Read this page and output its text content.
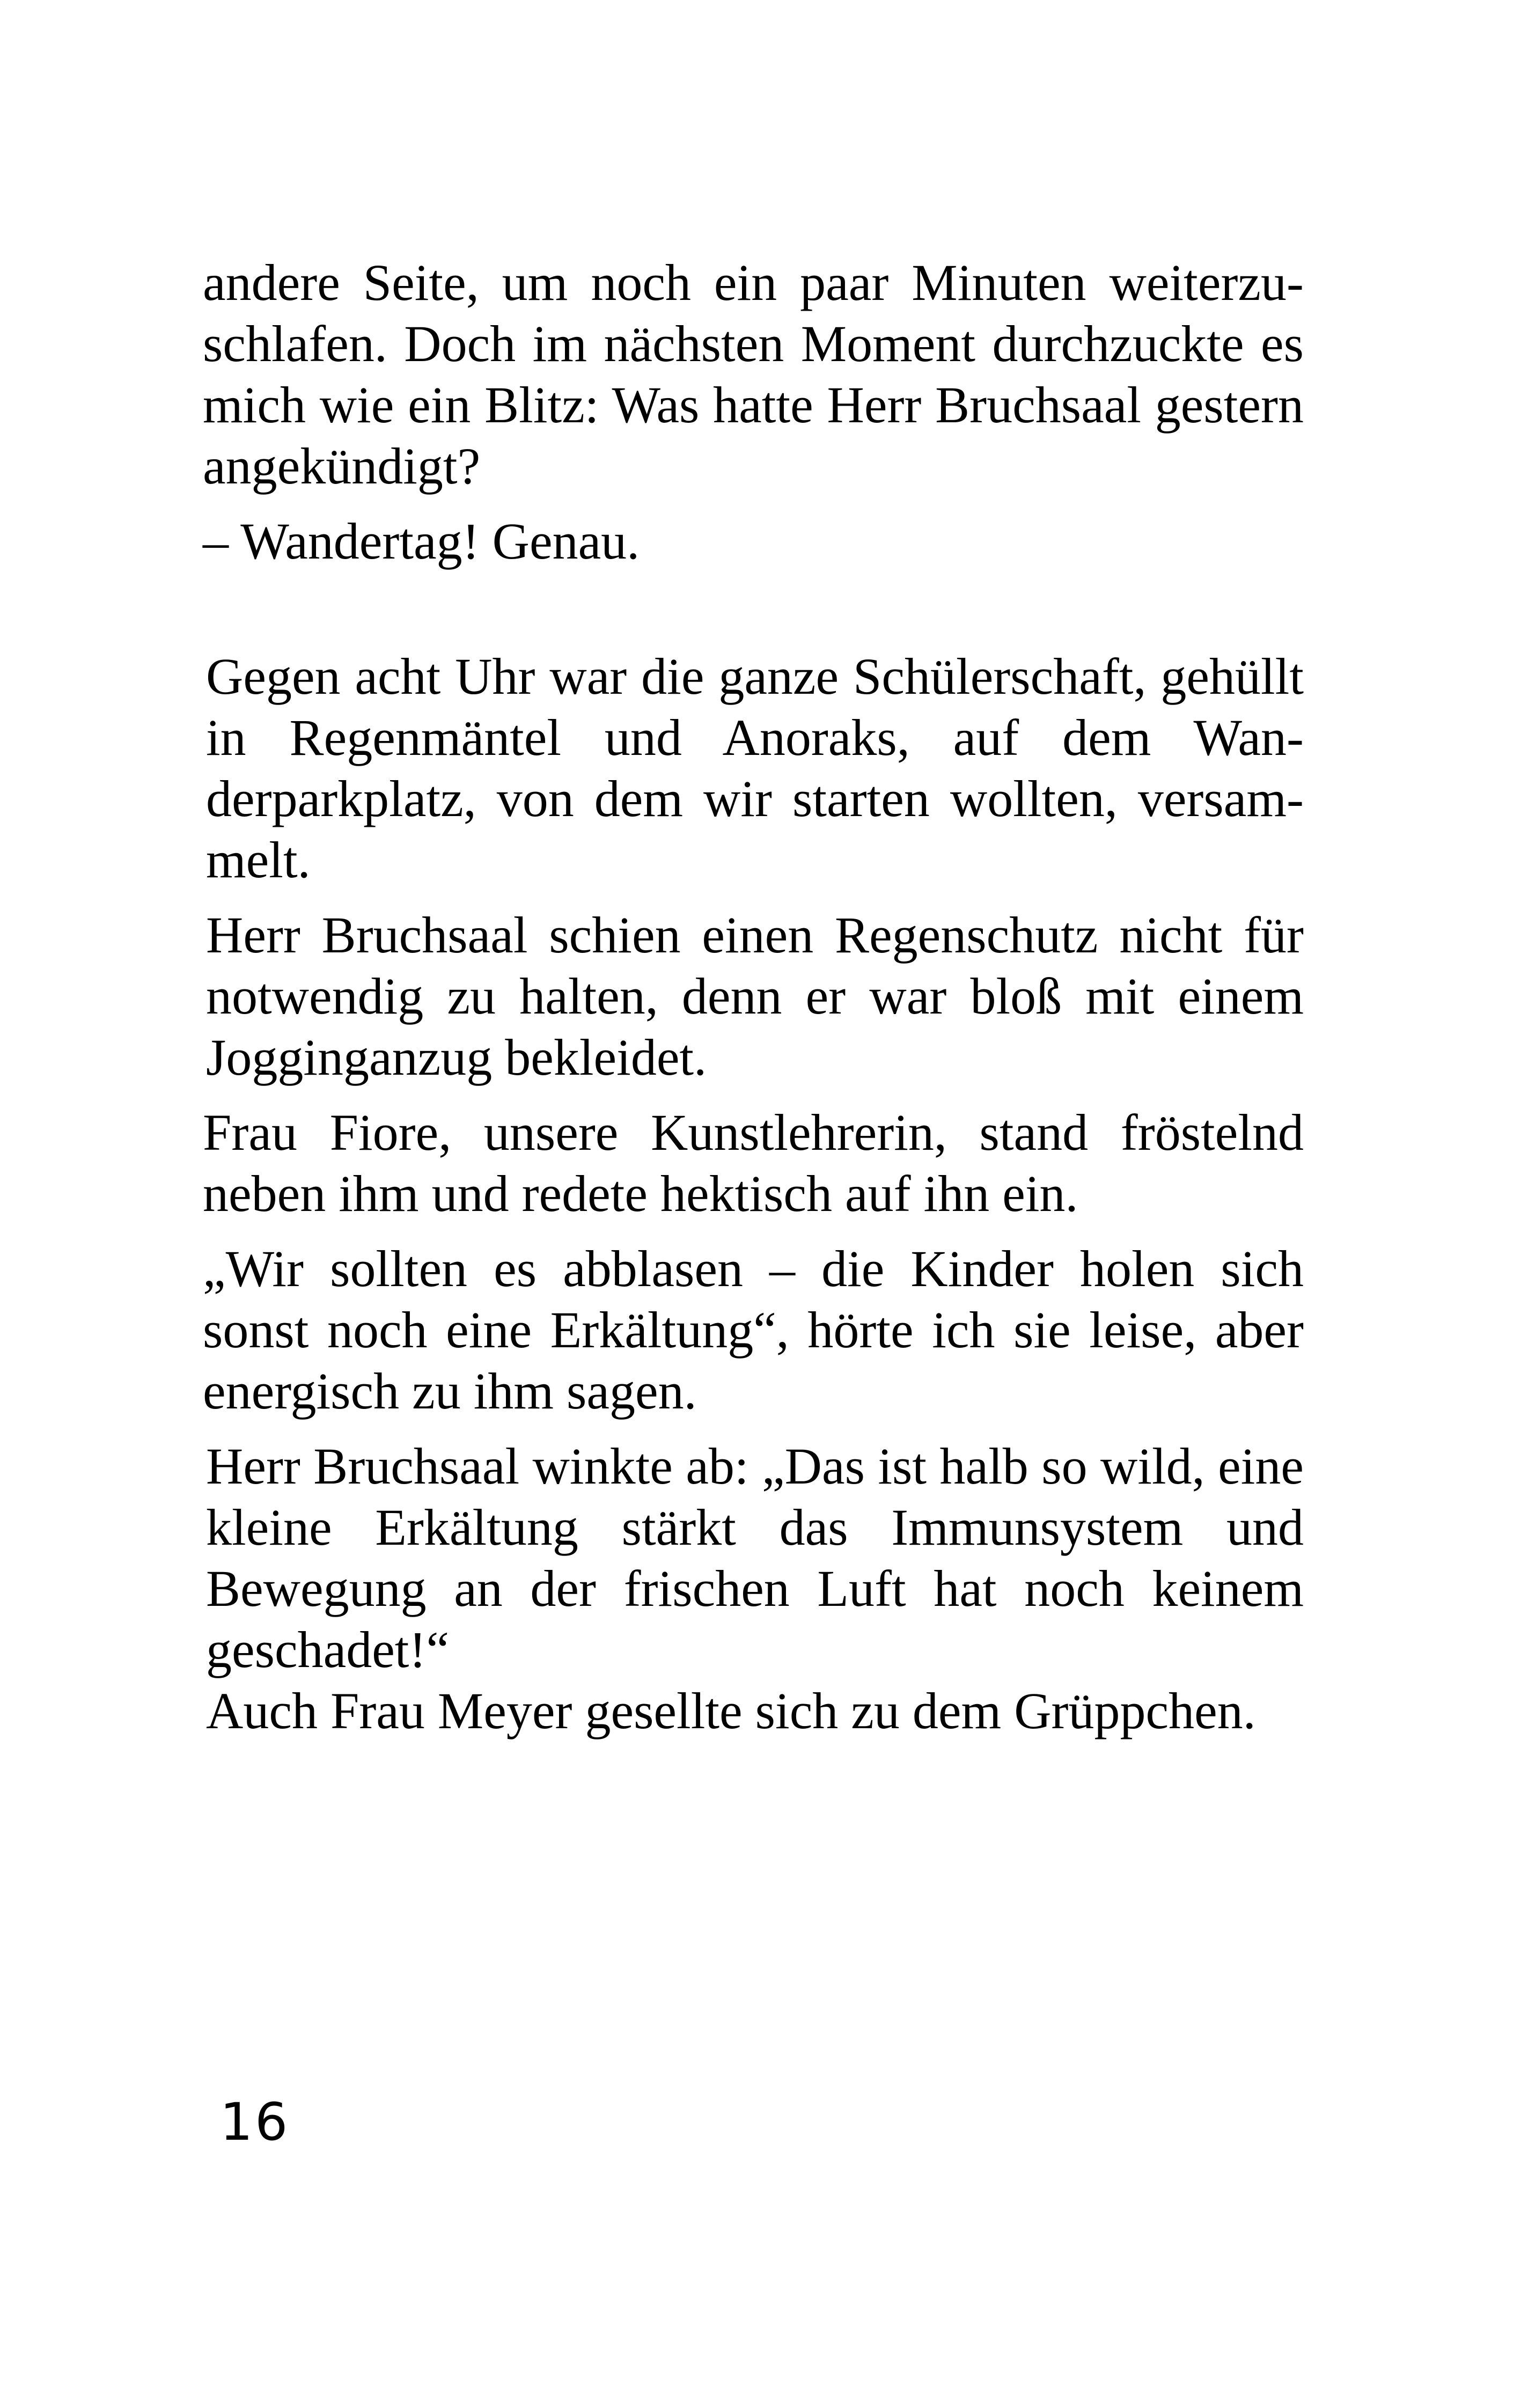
andere Seite, um noch ein paar Minuten weiterzuschlafen. Doch im nächsten Moment durchzuckte es mich wie ein Blitz: Was hatte Herr Bruchsaal gestern angekündigt?

– Wandertag! Genau.

Gegen acht Uhr war die ganze Schülerschaft, gehüllt in Regenmäntel und Anoraks, auf dem Wanderparkplatz, von dem wir starten wollten, versammelt.

Herr Bruchsaal schien einen Regenschutz nicht für notwendig zu halten, denn er war bloß mit einem Jogginganzug bekleidet.

Frau Fiore, unsere Kunstlehrerin, stand fröstelnd neben ihm und redete hektisch auf ihn ein.

„Wir sollten es abblasen – die Kinder holen sich sonst noch eine Erkältung“, hörte ich sie leise, aber energisch zu ihm sagen.

Herr Bruchsaal winkte ab: „Das ist halb so wild, eine kleine Erkältung stärkt das Immunsystem und Bewegung an der frischen Luft hat noch keinem geschadet!“

Auch Frau Meyer gesellte sich zu dem Grüppchen.

16
